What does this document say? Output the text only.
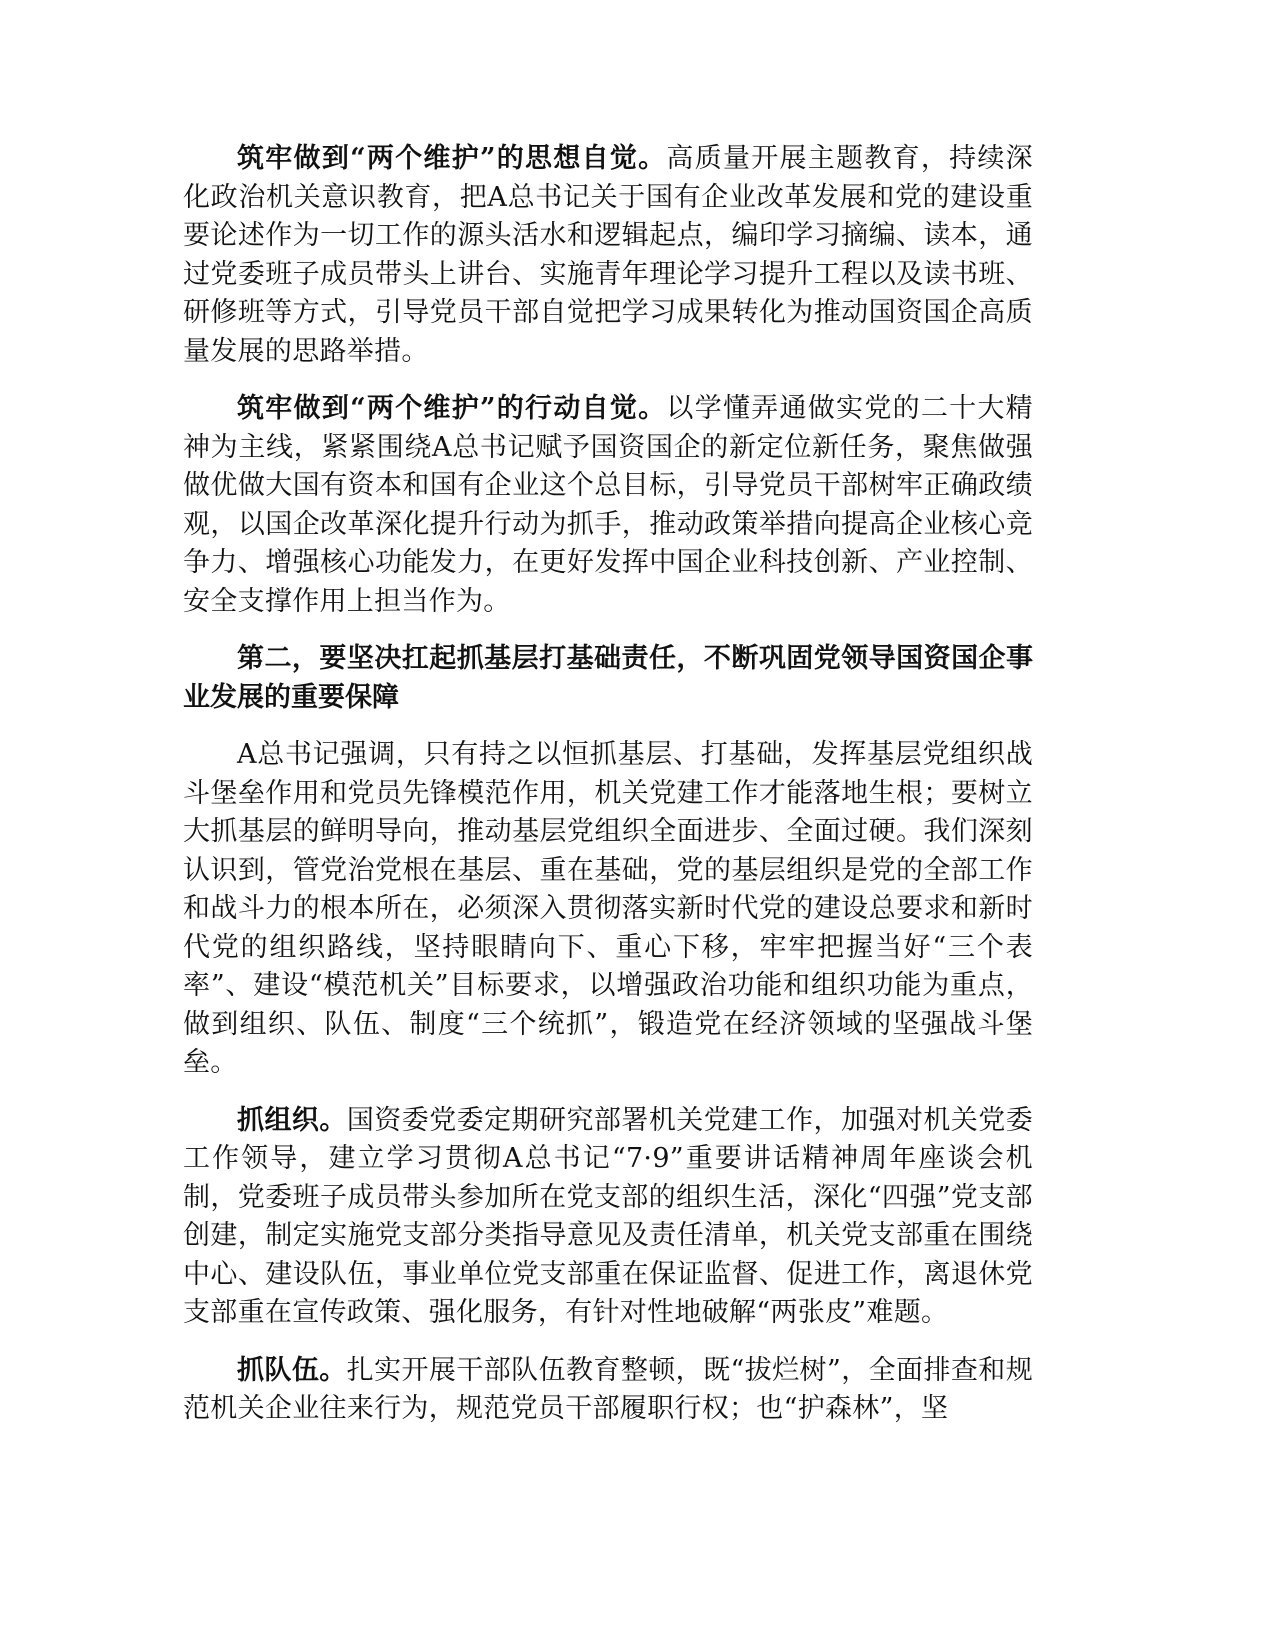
筑牢做到“两个维护”的思想自觉。高质量开展主题教育，持续深化政治机关意识教育，把A总书记关于国有企业改革发展和党的建设重要论述作为一切工作的源头活水和逻辑起点，编印学习摘编、读本，通过党委班子成员带头上讲台、实施青年理论学习提升工程以及读书班、研修班等方式，引导党员干部自觉把学习成果转化为推动国资国企高质量发展的思路举措。

筑牢做到“两个维护”的行动自觉。以学懂弄通做实党的二十大精神为主线，紧紧围绕A总书记赋予国资国企的新定位新任务，聚焦做强做优做大国有资本和国有企业这个总目标，引导党员干部树牢正确政绩观，以国企改革深化提升行动为抓手，推动政策举措向提高企业核心竞争力、增强核心功能发力，在更好发挥中国企业科技创新、产业控制、安全支撑作用上担当作为。

第二，要坚决扛起抓基层打基础责任，不断巩固党领导国资国企事业发展的重要保障

A总书记强调，只有持之以恒抓基层、打基础，发挥基层党组织战斗堡垒作用和党员先锋模范作用，机关党建工作才能落地生根；要树立大抓基层的鲜明导向，推动基层党组织全面进步、全面过硬。我们深刻认识到，管党治党根在基层、重在基础，党的基层组织是党的全部工作和战斗力的根本所在，必须深入贯彻落实新时代党的建设总要求和新时代党的组织路线，坚持眼睛向下、重心下移，牢牢把握当好“三个表率”、建设“模范机关”目标要求，以增强政治功能和组织功能为重点，做到组织、队伍、制度“三个统抓”，锻造党在经济领域的坚强战斗堡垒。

抓组织。国资委党委定期研究部署机关党建工作，加强对机关党委工作领导，建立学习贯彻A总书记“7·9”重要讲话精神周年座谈会机制，党委班子成员带头参加所在党支部的组织生活，深化“四强”党支部创建，制定实施党支部分类指导意见及责任清单，机关党支部重在围绕中心、建设队伍，事业单位党支部重在保证监督、促进工作，离退休党支部重在宣传政策、强化服务，有针对性地破解“两张皮”难题。

抓队伍。扎实开展干部队伍教育整顿，既“拔烂树”，全面排查和规范机关企业往来行为，规范党员干部履职行权；也“护森林”，坚
